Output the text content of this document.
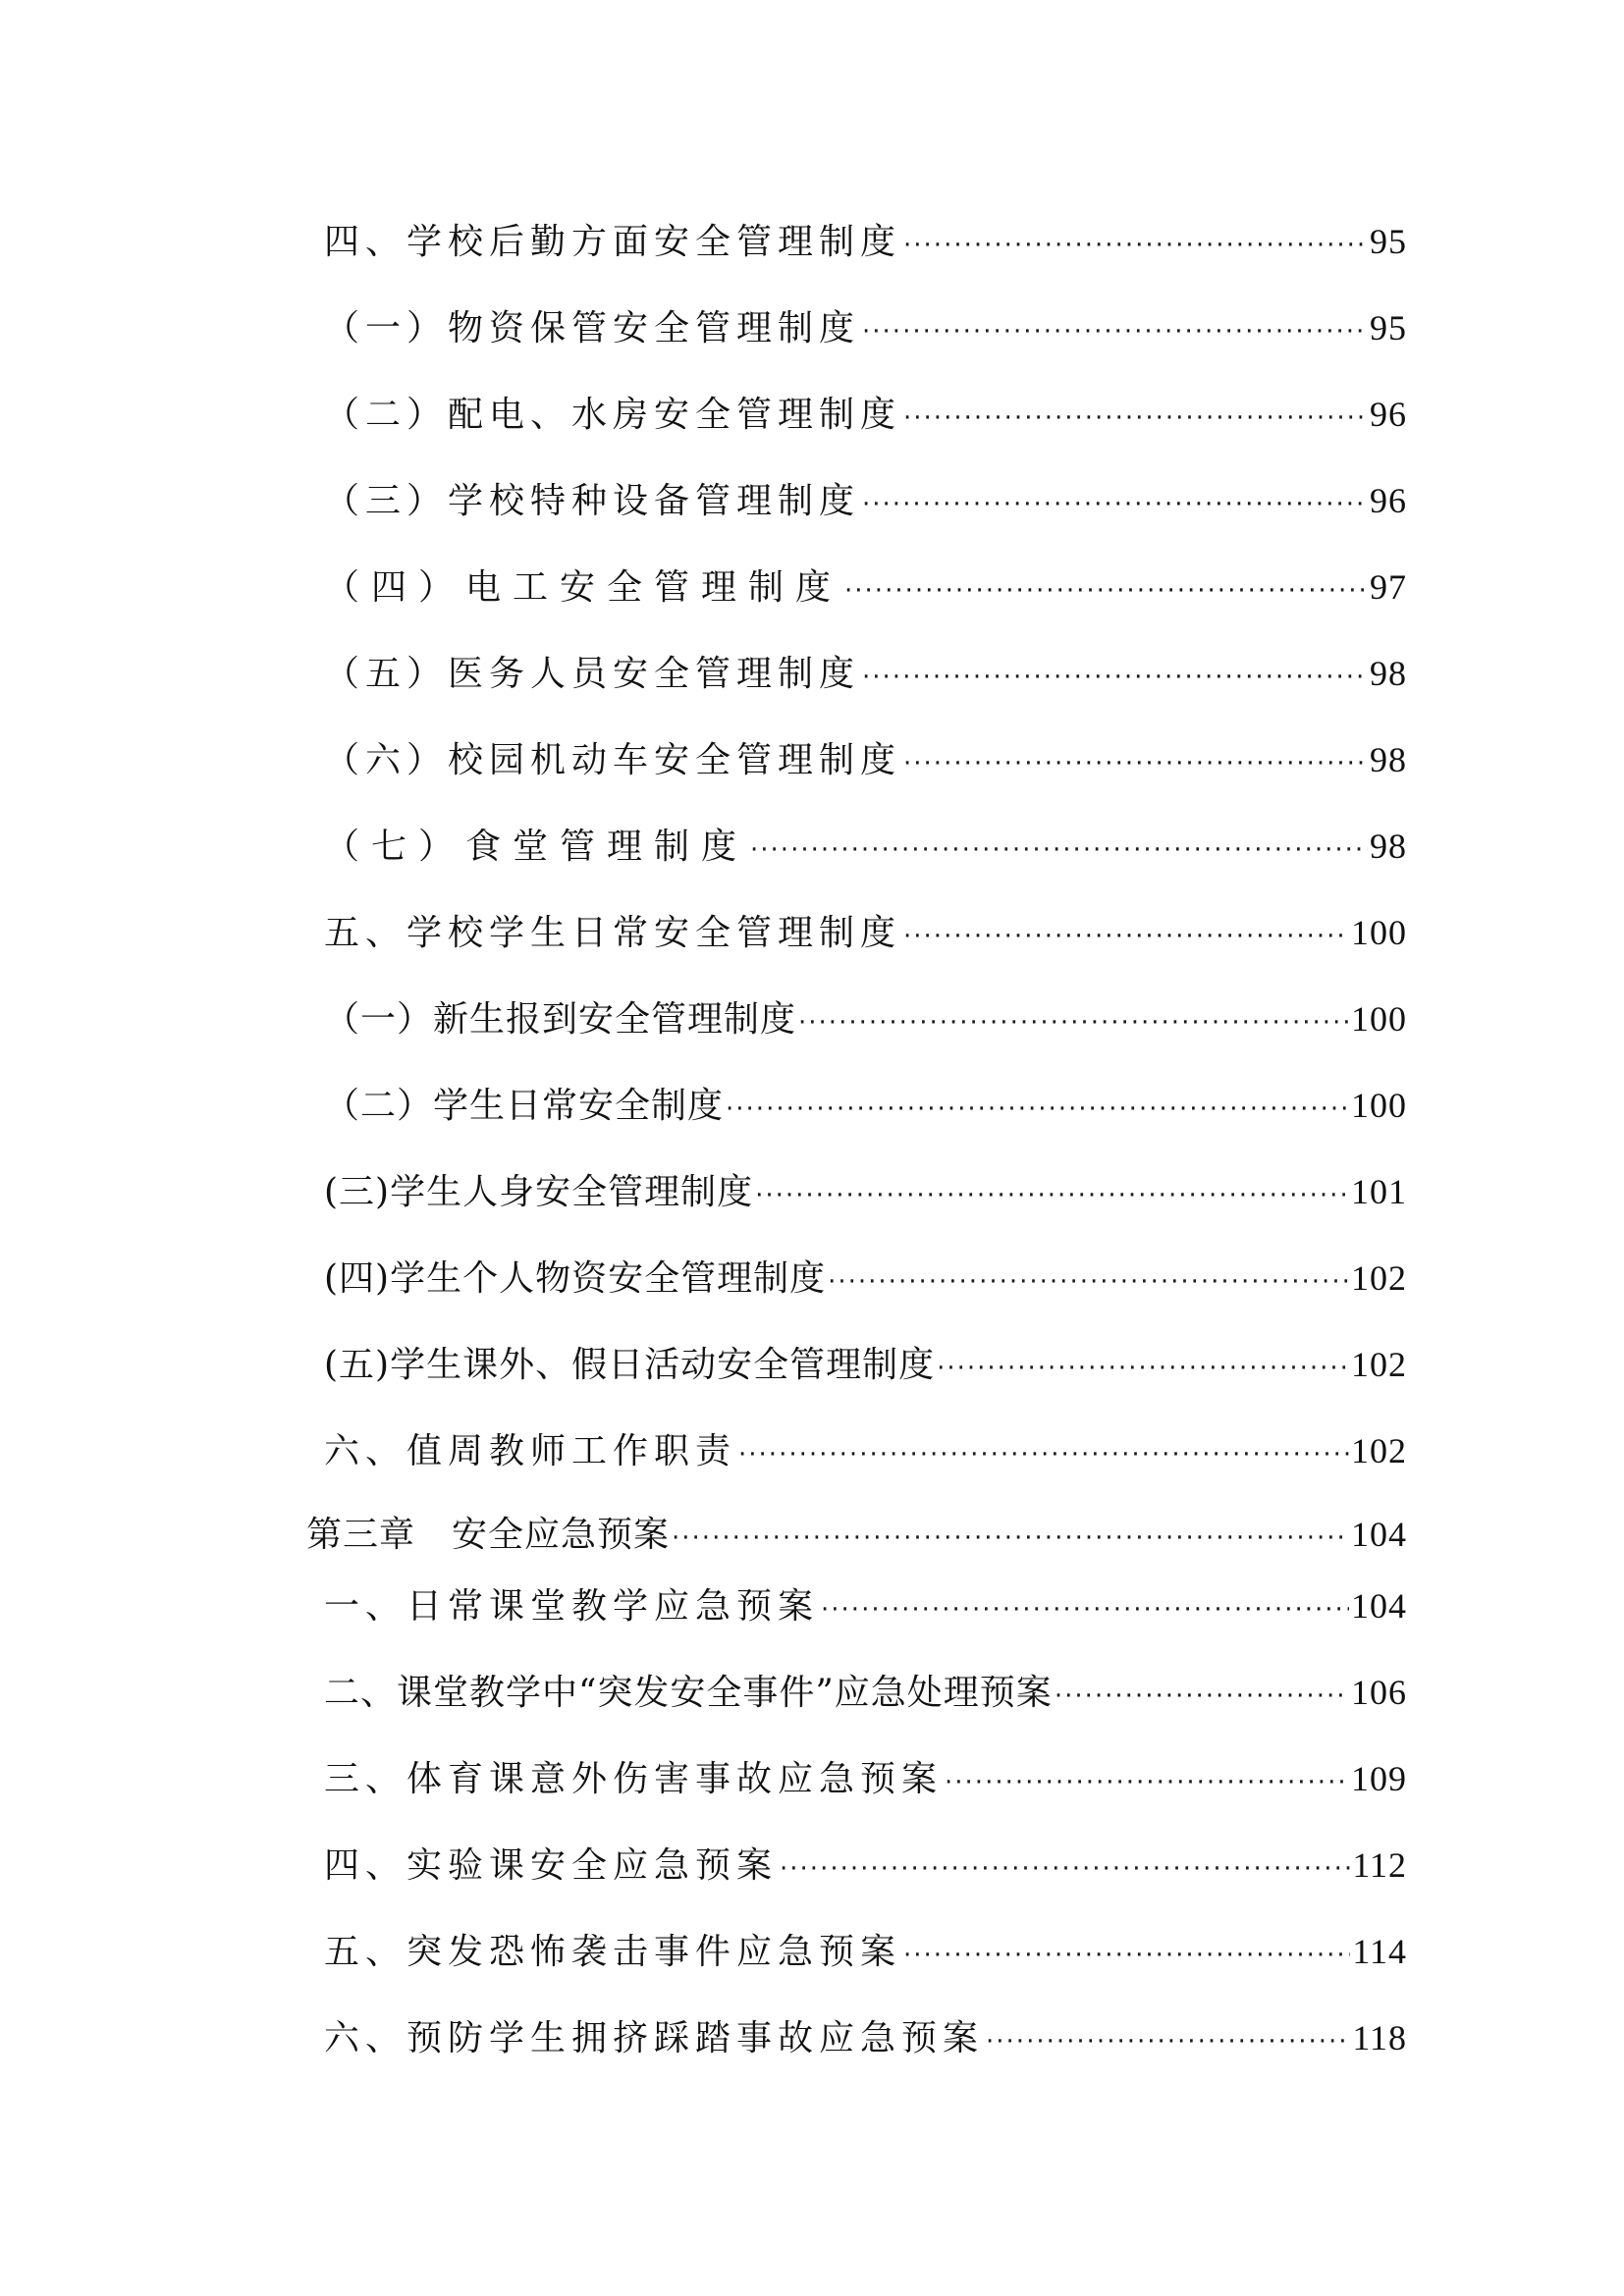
四、学校后勤方面安全管理制度 ·····	95
（一）物资保管安全管理制度 ·····	95
（二）配电、水房安全管理制度 ·····	96
（三）学校特种设备管理制度 ·····	96
（四）电工安全管理制度 ·····	97
（五）医务人员安全管理制度 ·····	98
（六）校园机动车安全管理制度 ·····	98
（七）食堂管理制度 ·····	98
五、学校学生日常安全管理制度 ·····	100
（一）新生报到安全管理制度 ·····	100
（二）学生日常安全制度 ·····	100
(三)学生人身安全管理制度 ·····	101
(四)学生个人物资安全管理制度 ·····	102
(五)学生课外、假日活动安全管理制度 ·····	102
六、值周教师工作职责 ·····	102
第三章　安全应急预案 ·····	104
一、日常课堂教学应急预案 ·····	104
二、课堂教学中“突发安全事件”应急处理预案 ·····	106
三、体育课意外伤害事故应急预案 ·····	109
四、实验课安全应急预案 ·····	112
五、突发恐怖袭击事件应急预案 ·····	114
六、预防学生拥挤踩踏事故应急预案 ·····	118
